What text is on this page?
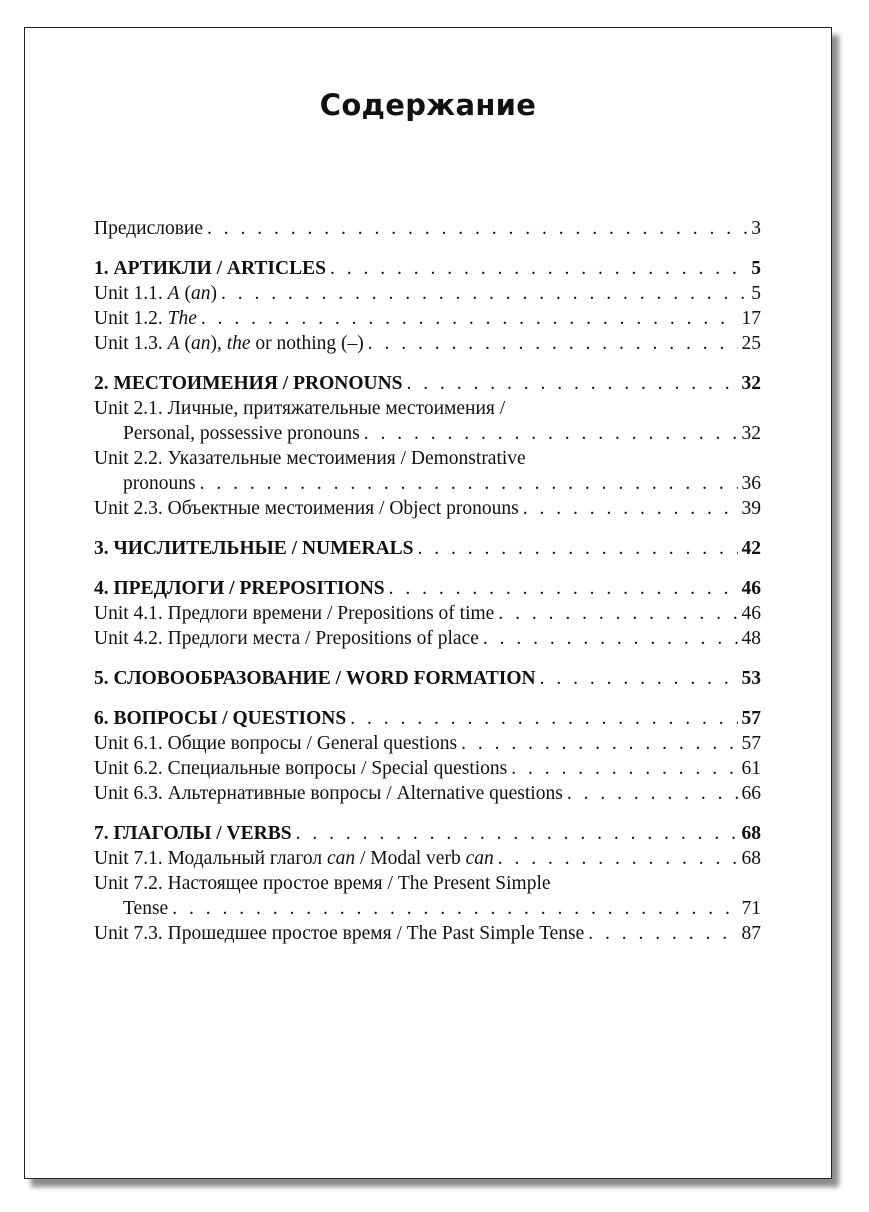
Содержание
Предисловие . . .	3
1. АРТИКЛИ / ARTICLES . . .	5
Unit 1.1. A (an) . . .	5
Unit 1.2. The . . .	17
Unit 1.3. A (an), the or nothing (–) . . .	25
2. МЕСТОИМЕНИЯ / PRONOUNS . . .	32
Unit 2.1. Личные, притяжательные местоимения /
Personal, possessive pronouns . . .	32
Unit 2.2. Указательные местоимения / Demonstrative
pronouns . . .	36
Unit 2.3. Объектные местоимения / Object pronouns . . .	39
3. ЧИСЛИТЕЛЬНЫЕ / NUMERALS . . .	42
4. ПРЕДЛОГИ / PREPOSITIONS . . .	46
Unit 4.1. Предлоги времени / Prepositions of time . . .	46
Unit 4.2. Предлоги места / Prepositions of place . . .	48
5. СЛОВООБРАЗОВАНИЕ / WORD FORMATION . . .	53
6. ВОПРОСЫ / QUESTIONS . . .	57
Unit 6.1. Общие вопросы / General questions . . .	57
Unit 6.2. Специальные вопросы / Special questions . . .	61
Unit 6.3. Альтернативные вопросы / Alternative questions . . .	66
7. ГЛАГОЛЫ / VERBS . . .	68
Unit 7.1. Модальный глагол can / Modal verb can . . .	68
Unit 7.2. Настоящее простое время / The Present Simple
Tense . . .	71
Unit 7.3. Прошедшее простое время / The Past Simple Tense . . .	87
